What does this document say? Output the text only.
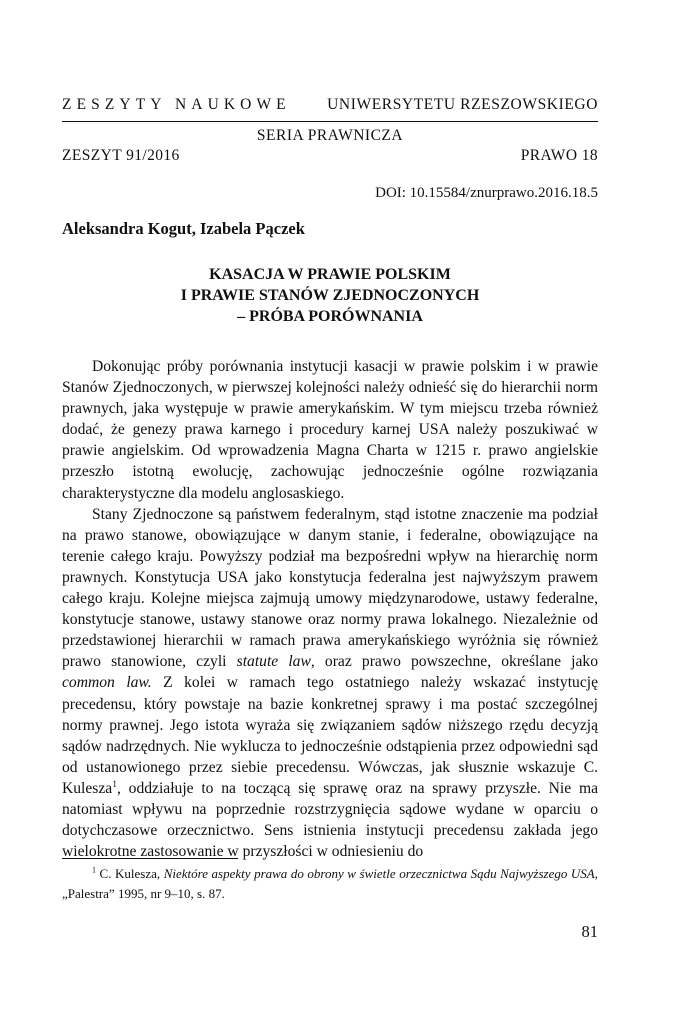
ZESZYTY NAUKOWE UNIWERSYTETU RZESZOWSKIEGO
SERIA PRAWNICZA
ZESZYT 91/2016	PRAWO 18
DOI: 10.15584/znurprawo.2016.18.5
Aleksandra Kogut, Izabela Pączek
KASACJA W PRAWIE POLSKIM
I PRAWIE STANÓW ZJEDNOCZONYCH
– PRÓBA PORÓWNANIA

Dokonując próby porównania instytucji kasacji w prawie polskim i w prawie Stanów Zjednoczonych, w pierwszej kolejności należy odnieść się do hierarchii norm prawnych, jaka występuje w prawie amerykańskim. W tym miejscu trzeba również dodać, że genezy prawa karnego i procedury karnej USA należy poszukiwać w prawie angielskim. Od wprowadzenia Magna Charta w 1215 r. prawo angielskie przeszło istotną ewolucję, zachowując jednocześnie ogólne rozwiązania charakterystyczne dla modelu anglosaskiego.

Stany Zjednoczone są państwem federalnym, stąd istotne znaczenie ma podział na prawo stanowe, obowiązujące w danym stanie, i federalne, obowiązujące na terenie całego kraju. Powyższy podział ma bezpośredni wpływ na hierarchię norm prawnych. Konstytucja USA jako konstytucja federalna jest najwyższym prawem całego kraju. Kolejne miejsca zajmują umowy międzynarodowe, ustawy federalne, konstytucje stanowe, ustawy stanowe oraz normy prawa lokalnego. Niezależnie od przedstawionej hierarchii w ramach prawa amerykańskiego wyróżnia się również prawo stanowione, czyli statute law, oraz prawo powszechne, określane jako common law. Z kolei w ramach tego ostatniego należy wskazać instytucję precedensu, który powstaje na bazie konkretnej sprawy i ma postać szczególnej normy prawnej. Jego istota wyraża się związaniem sądów niższego rzędu decyzją sądów nadrzędnych. Nie wyklucza to jednocześnie odstąpienia przez odpowiedni sąd od ustanowionego przez siebie precedensu. Wówczas, jak słusznie wskazuje C. Kulesza$^1$, oddziałuje to na toczącą się sprawę oraz na sprawy przyszłe. Nie ma natomiast wpływu na poprzednie rozstrzygnięcia sądowe wydane w oparciu o dotychczasowe orzecznictwo. Sens istnienia instytucji precedensu zakłada jego wielokrotne zastosowanie w przyszłości w odniesieniu do

$^1$ C. Kulesza, Niektóre aspekty prawa do obrony w świetle orzecznictwa Sądu Najwyższego USA, „Palestra” 1995, nr 9–10, s. 87.
81
